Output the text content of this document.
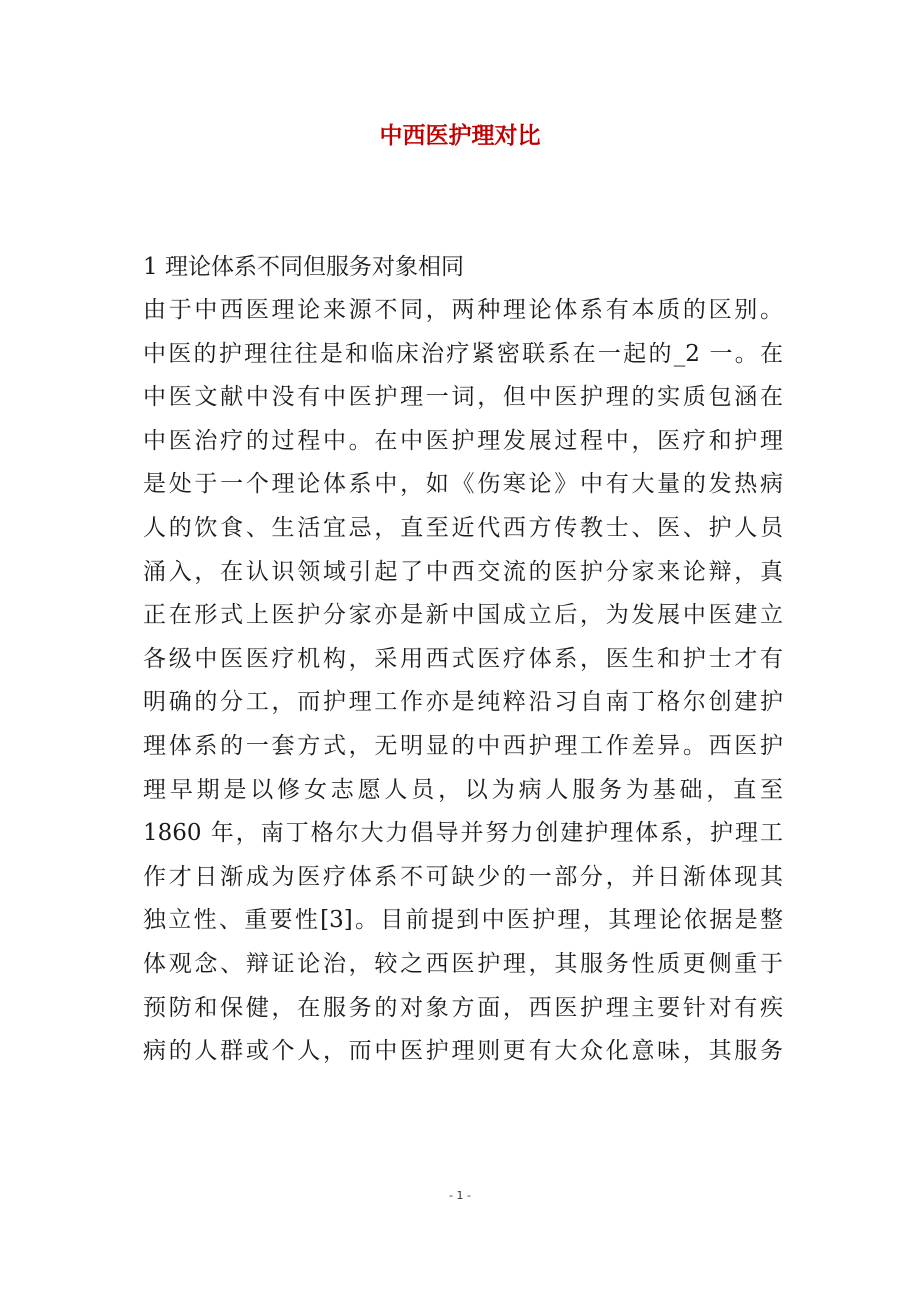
中西医护理对比
1 理论体系不同但服务对象相同
由于中西医理论来源不同，两种理论体系有本质的区别。
中医的护理往往是和临床治疗紧密联系在一起的_2 一。在
中医文献中没有中医护理一词，但中医护理的实质包涵在
中医治疗的过程中。在中医护理发展过程中，医疗和护理
是处于一个理论体系中，如《伤寒论》中有大量的发热病
人的饮食、生活宜忌，直至近代西方传教士、医、护人员
涌入，在认识领域引起了中西交流的医护分家来论辩，真
正在形式上医护分家亦是新中国成立后，为发展中医建立
各级中医医疗机构，采用西式医疗体系，医生和护士才有
明确的分工，而护理工作亦是纯粹沿习自南丁格尔创建护
理体系的一套方式，无明显的中西护理工作差异。西医护
理早期是以修女志愿人员，以为病人服务为基础，直至
1860 年，南丁格尔大力倡导并努力创建护理体系，护理工
作才日渐成为医疗体系不可缺少的一部分，并日渐体现其
独立性、重要性[3]。目前提到中医护理，其理论依据是整
体观念、辩证论治，较之西医护理，其服务性质更侧重于
预防和保健，在服务的对象方面，西医护理主要针对有疾
病的人群或个人，而中医护理则更有大众化意味，其服务
- 1 -
